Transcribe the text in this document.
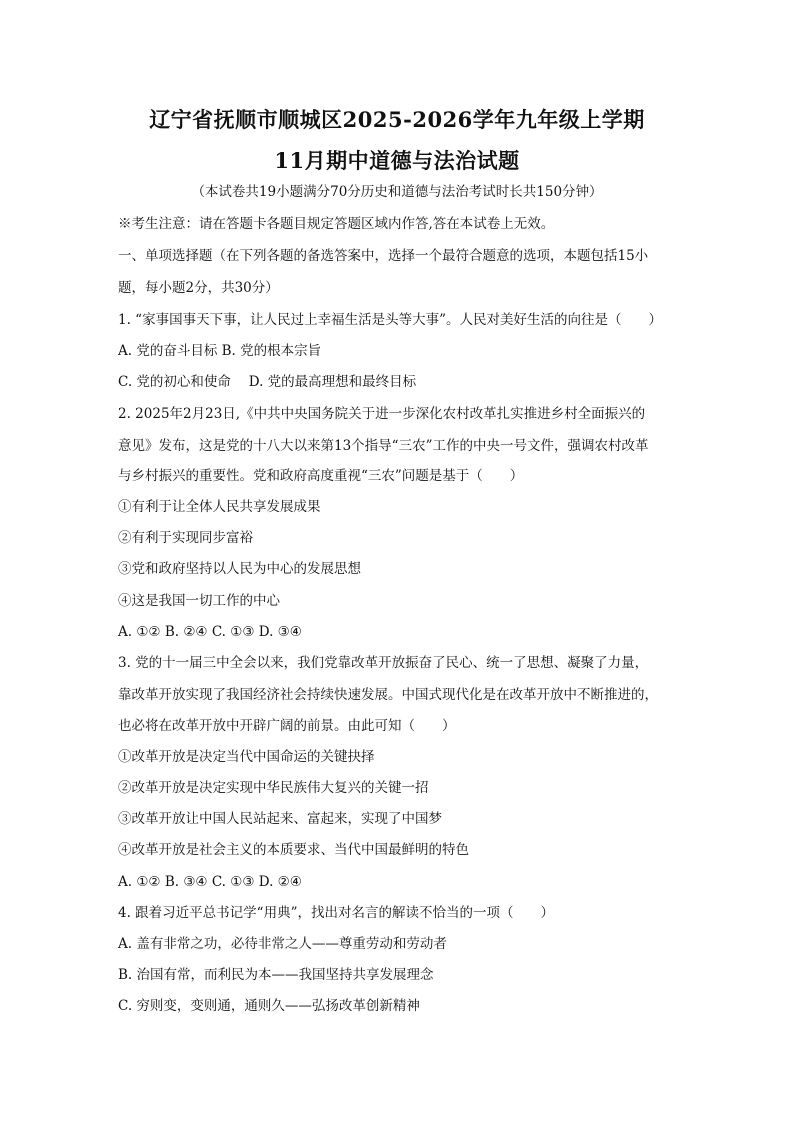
辽宁省抚顺市顺城区2025-2026学年九年级上学期
11月期中道德与法治试题
（本试卷共19小题满分70分历史和道德与法治考试时长共150分钟）
※考生注意：请在答题卡各题目规定答题区域内作答,答在本试卷上无效。
一、单项选择题（在下列各题的备选答案中，选择一个最符合题意的选项，本题包括15小
题，每小题2分，共30分）
1. “家事国事天下事，让人民过上幸福生活是头等大事”。人民对美好生活的向往是（　　）
A. 党的奋斗目标 B. 党的根本宗旨
C. 党的初心和使命　 D. 党的最高理想和最终目标
2. 2025年2月23日,《中共中央国务院关于进一步深化农村改革扎实推进乡村全面振兴的
意见》发布，这是党的十八大以来第13个指导“三农”工作的中央一号文件，强调农村改革
与乡村振兴的重要性。党和政府高度重视“三农”问题是基于（　　）
①有利于让全体人民共享发展成果
②有利于实现同步富裕
③党和政府坚持以人民为中心的发展思想
④这是我国一切工作的中心
A. ①② B. ②④ C. ①③ D. ③④
3. 党的十一届三中全会以来，我们党靠改革开放振奋了民心、统一了思想、凝聚了力量，
靠改革开放实现了我国经济社会持续快速发展。中国式现代化是在改革开放中不断推进的，
也必将在改革开放中开辟广阔的前景。由此可知（　　）
①改革开放是决定当代中国命运的关键抉择
②改革开放是决定实现中华民族伟大复兴的关键一招
③改革开放让中国人民站起来、富起来，实现了中国梦
④改革开放是社会主义的本质要求、当代中国最鲜明的特色
A. ①② B. ③④ C. ①③ D. ②④
4. 跟着习近平总书记学“用典”，找出对名言的解读不恰当的一项（　　）
A. 盖有非常之功，必待非常之人——尊重劳动和劳动者
B. 治国有常，而利民为本——我国坚持共享发展理念
C. 穷则变，变则通，通则久——弘扬改革创新精神
